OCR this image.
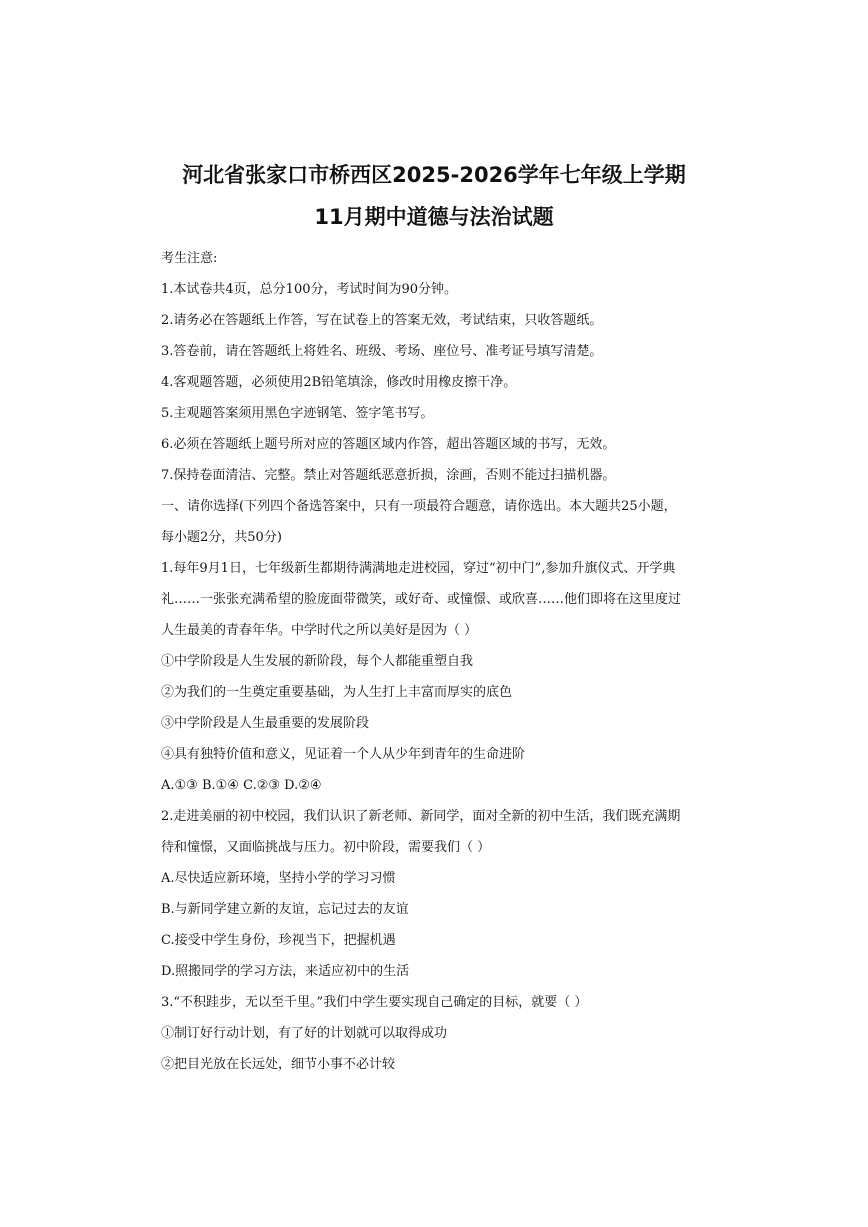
河北省张家口市桥西区2025-2026学年七年级上学期
11月期中道德与法治试题
考生注意:
1.本试卷共4页，总分100分，考试时间为90分钟。
2.请务必在答题纸上作答，写在试卷上的答案无效，考试结束，只收答题纸。
3.答卷前，请在答题纸上将姓名、班级、考场、座位号、准考证号填写清楚。
4.客观题答题，必须使用2B铅笔填涂，修改时用橡皮擦干净。
5.主观题答案须用黑色字迹钢笔、签字笔书写。
6.必须在答题纸上题号所对应的答题区域内作答，超出答题区域的书写，无效。
7.保持卷面清洁、完整。禁止对答题纸恶意折损，涂画，否则不能过扫描机器。
一、请你选择(下列四个备选答案中，只有一项最符合题意，请你选出。本大题共25小题，
每小题2分，共50分)
1.每年9月1日，七年级新生都期待满满地走进校园，穿过“初中门”,参加升旗仪式、开学典
礼……一张张充满希望的脸庞面带微笑，或好奇、或憧憬、或欣喜……他们即将在这里度过
人生最美的青春年华。中学时代之所以美好是因为（ ）
①中学阶段是人生发展的新阶段，每个人都能重塑自我
②为我们的一生奠定重要基础，为人生打上丰富而厚实的底色
③中学阶段是人生最重要的发展阶段
④具有独特价值和意义，见证着一个人从少年到青年的生命进阶
A.①③ B.①④ C.②③ D.②④
2.走进美丽的初中校园，我们认识了新老师、新同学，面对全新的初中生活，我们既充满期
待和憧憬，又面临挑战与压力。初中阶段，需要我们（ ）
A.尽快适应新环境，坚持小学的学习习惯
B.与新同学建立新的友谊，忘记过去的友谊
C.接受中学生身份，珍视当下，把握机遇
D.照搬同学的学习方法，来适应初中的生活
3.“不积跬步，无以至千里。”我们中学生要实现自己确定的目标，就要（ ）
①制订好行动计划，有了好的计划就可以取得成功
②把目光放在长远处，细节小事不必计较
